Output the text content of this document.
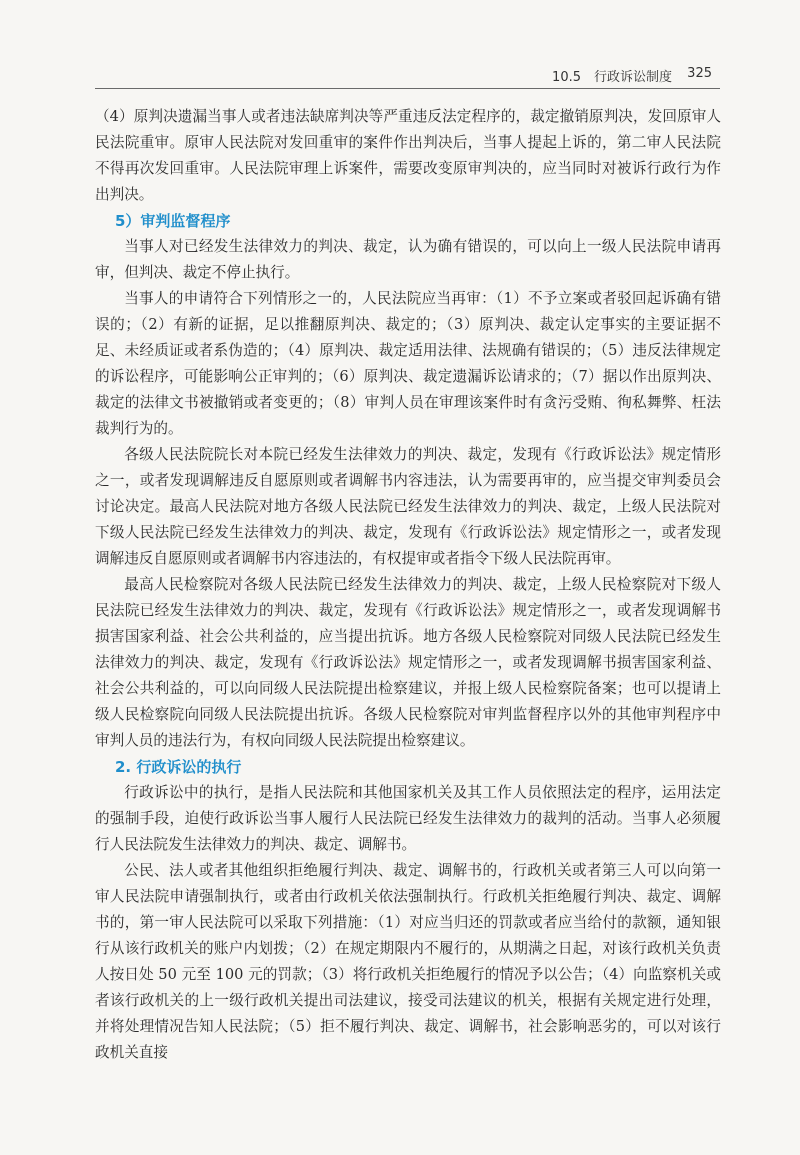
10.5　行政诉讼制度 325

（4）原判决遗漏当事人或者违法缺席判决等严重违反法定程序的，裁定撤销原判决，发回原审人民法院重审。原审人民法院对发回重审的案件作出判决后，当事人提起上诉的，第二审人民法院不得再次发回重审。人民法院审理上诉案件，需要改变原审判决的，应当同时对被诉行政行为作出判决。

5）审判监督程序

当事人对已经发生法律效力的判决、裁定，认为确有错误的，可以向上一级人民法院申请再审，但判决、裁定不停止执行。

当事人的申请符合下列情形之一的，人民法院应当再审：（1）不予立案或者驳回起诉确有错误的；（2）有新的证据，足以推翻原判决、裁定的；（3）原判决、裁定认定事实的主要证据不足、未经质证或者系伪造的；（4）原判决、裁定适用法律、法规确有错误的；（5）违反法律规定的诉讼程序，可能影响公正审判的；（6）原判决、裁定遗漏诉讼请求的；（7）据以作出原判决、裁定的法律文书被撤销或者变更的；（8）审判人员在审理该案件时有贪污受贿、徇私舞弊、枉法裁判行为的。

各级人民法院院长对本院已经发生法律效力的判决、裁定，发现有《行政诉讼法》规定情形之一，或者发现调解违反自愿原则或者调解书内容违法，认为需要再审的，应当提交审判委员会讨论决定。最高人民法院对地方各级人民法院已经发生法律效力的判决、裁定，上级人民法院对下级人民法院已经发生法律效力的判决、裁定，发现有《行政诉讼法》规定情形之一，或者发现调解违反自愿原则或者调解书内容违法的，有权提审或者指令下级人民法院再审。

最高人民检察院对各级人民法院已经发生法律效力的判决、裁定，上级人民检察院对下级人民法院已经发生法律效力的判决、裁定，发现有《行政诉讼法》规定情形之一，或者发现调解书损害国家利益、社会公共利益的，应当提出抗诉。地方各级人民检察院对同级人民法院已经发生法律效力的判决、裁定，发现有《行政诉讼法》规定情形之一，或者发现调解书损害国家利益、社会公共利益的，可以向同级人民法院提出检察建议，并报上级人民检察院备案；也可以提请上级人民检察院向同级人民法院提出抗诉。各级人民检察院对审判监督程序以外的其他审判程序中审判人员的违法行为，有权向同级人民法院提出检察建议。

2. 行政诉讼的执行

行政诉讼中的执行，是指人民法院和其他国家机关及其工作人员依照法定的程序，运用法定的强制手段，迫使行政诉讼当事人履行人民法院已经发生法律效力的裁判的活动。当事人必须履行人民法院发生法律效力的判决、裁定、调解书。

公民、法人或者其他组织拒绝履行判决、裁定、调解书的，行政机关或者第三人可以向第一审人民法院申请强制执行，或者由行政机关依法强制执行。行政机关拒绝履行判决、裁定、调解书的，第一审人民法院可以采取下列措施：（1）对应当归还的罚款或者应当给付的款额，通知银行从该行政机关的账户内划拨；（2）在规定期限内不履行的，从期满之日起，对该行政机关负责人按日处 50 元至 100 元的罚款；（3）将行政机关拒绝履行的情况予以公告；（4）向监察机关或者该行政机关的上一级行政机关提出司法建议，接受司法建议的机关，根据有关规定进行处理，并将处理情况告知人民法院；（5）拒不履行判决、裁定、调解书，社会影响恶劣的，可以对该行政机关直接
